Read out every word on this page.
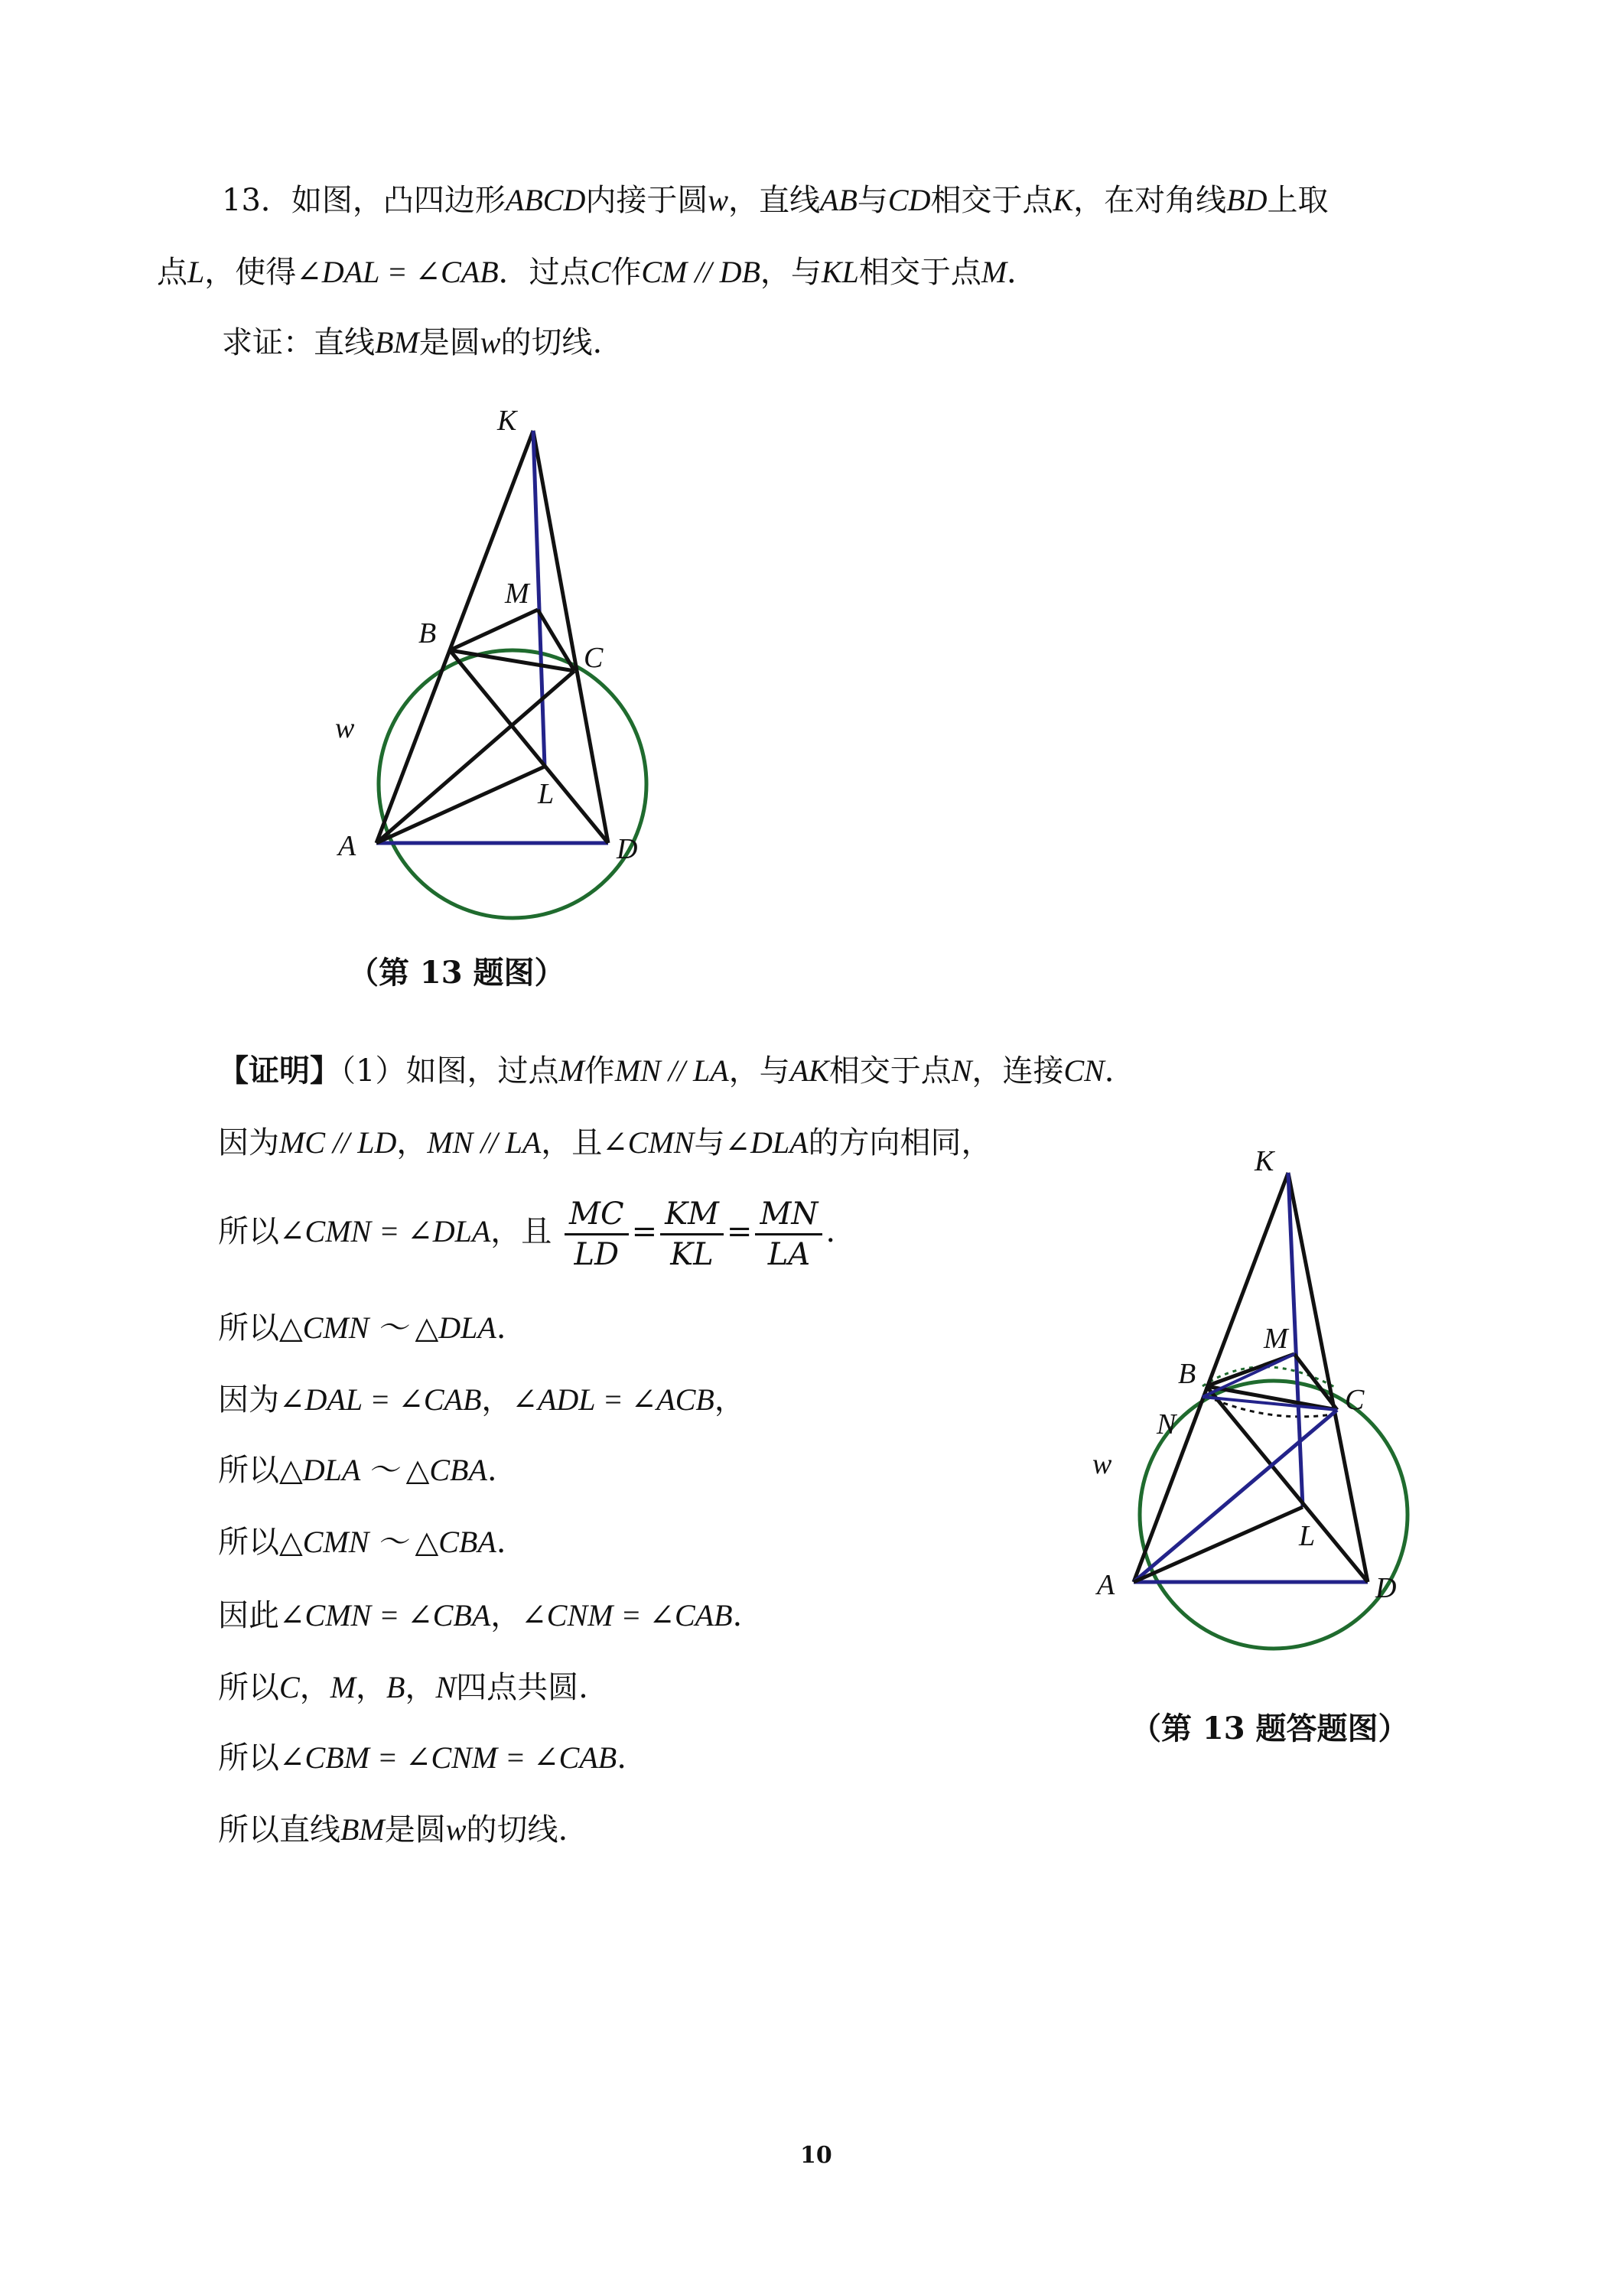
13．如图，凸四边形ABCD内接于圆w，直线AB与CD相交于点K，在对角线BD上取
点L，使得∠DAL = ∠CAB．过点C作CM // DB，与KL相交于点M．
求证：直线BM是圆w的切线.
K
M
B
C
w
L
A	D
（第 13 题图）
【证明】（1）如图，过点M作MN // LA，与AK相交于点N，连接CN．
因为MC // LD，MN // LA，且∠CMN与∠DLA的方向相同，
所以∠CMN = ∠DLA，且 $\frac{MC}{LD} = \frac{KM}{KL} = \frac{MN}{LA}$ .
所以△CMN ～ △DLA.
因为∠DAL = ∠CAB，∠ADL = ∠ACB，
所以△DLA ～ △CBA.
所以△CMN ～ △CBA.
因此∠CMN = ∠CBA，∠CNM = ∠CAB.
所以C，M，B，N四点共圆.
所以∠CBM = ∠CNM = ∠CAB.
所以直线BM是圆w的切线.
K
M
B
C
N
w
L
A	D
（第 13 题答题图）
10
